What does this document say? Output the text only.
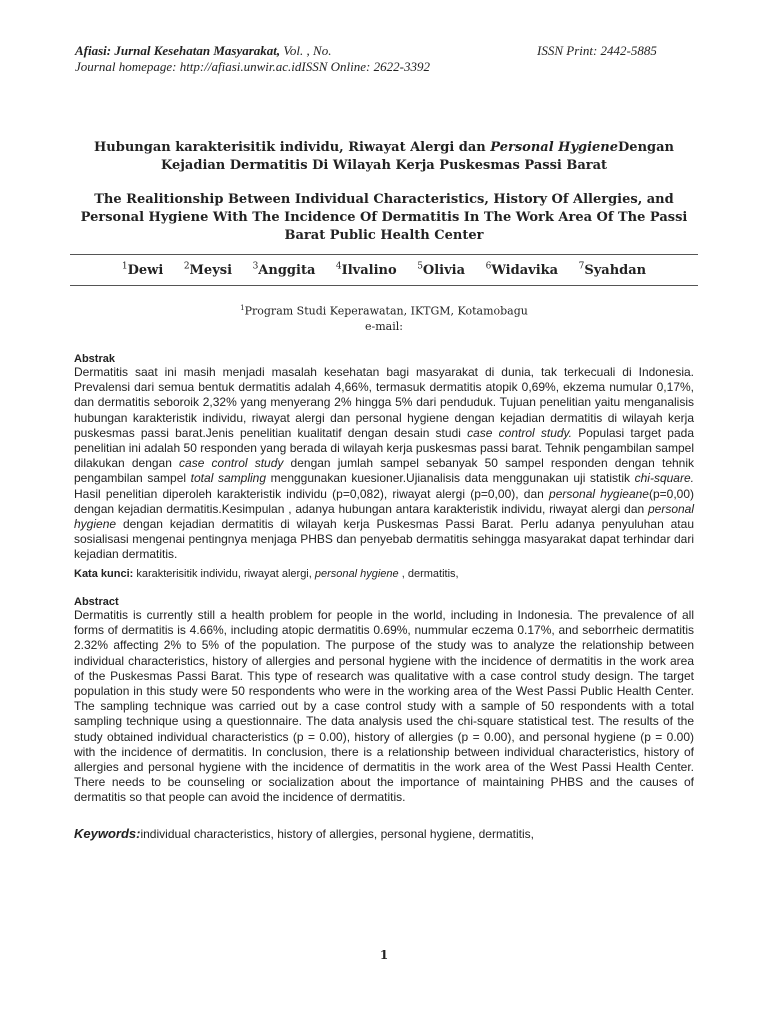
Afiasi: Jurnal Kesehatan Masyarakat, Vol. , No.	ISSN Print: 2442-5885
Journal homepage: http://afiasi.unwir.ac.idISSN Online: 2622-3392
Hubungan karakterisitik individu, Riwayat Alergi dan Personal HygieneDengan Kejadian Dermatitis Di Wilayah Kerja Puskesmas Passi Barat
The Realitionship Between Individual Characteristics, History Of Allergies, and Personal Hygiene With The Incidence Of Dermatitis In The Work Area Of The Passi Barat Public Health Center
$^1$Dewi $^2$Meysi $^3$Anggita $^4$Ilvalino $^5$Olivia $^6$Widavika $^7$Syahdan
$^1$Program Studi Keperawatan, IKTGM, Kotamobagu
e-mail:
Abstrak
Dermatitis saat ini masih menjadi masalah kesehatan bagi masyarakat di dunia, tak terkecuali di Indonesia. Prevalensi dari semua bentuk dermatitis adalah 4,66%, termasuk dermatitis atopik 0,69%, ekzema numular 0,17%, dan dermatitis seboroik 2,32% yang menyerang 2% hingga 5% dari penduduk. Tujuan penelitian yaitu menganalisis hubungan karakteristik individu, riwayat alergi dan personal hygiene dengan kejadian dermatitis di wilayah kerja puskesmas passi barat.Jenis penelitian kualitatif dengan desain studi case control study. Populasi target pada penelitian ini adalah 50 responden yang berada di wilayah kerja puskesmas passi barat. Tehnik pengambilan sampel dilakukan dengan case control study dengan jumlah sampel sebanyak 50 sampel responden dengan tehnik pengambilan sampel total sampling menggunakan kuesioner.Ujianalisis data menggunakan uji statistik chi-square. Hasil penelitian diperoleh karakteristik individu (p=0,082), riwayat alergi (p=0,00), dan personal hygieane(p=0,00) dengan kejadian dermatitis.Kesimpulan , adanya hubungan antara karakteristik individu, riwayat alergi dan personal hygiene dengan kejadian dermatitis di wilayah kerja Puskesmas Passi Barat. Perlu adanya penyuluhan atau sosialisasi mengenai pentingnya menjaga PHBS dan penyebab dermatitis sehingga masyarakat dapat terhindar dari kejadian dermatitis.
Kata kunci: karakterisitik individu, riwayat alergi, personal hygiene , dermatitis,
Abstract
Dermatitis is currently still a health problem for people in the world, including in Indonesia. The prevalence of all forms of dermatitis is 4.66%, including atopic dermatitis 0.69%, nummular eczema 0.17%, and seborrheic dermatitis 2.32% affecting 2% to 5% of the population. The purpose of the study was to analyze the relationship between individual characteristics, history of allergies and personal hygiene with the incidence of dermatitis in the work area of the Puskesmas Passi Barat. This type of research was qualitative with a case control study design. The target population in this study were 50 respondents who were in the working area of the West Passi Public Health Center. The sampling technique was carried out by a case control study with a sample of 50 respondents with a total sampling technique using a questionnaire. The data analysis used the chi-square statistical test. The results of the study obtained individual characteristics (p = 0.00), history of allergies (p = 0.00), and personal hygiene (p = 0.00) with the incidence of dermatitis. In conclusion, there is a relationship between individual characteristics, history of allergies and personal hygiene with the incidence of dermatitis in the work area of the West Passi Health Center. There needs to be counseling or socialization about the importance of maintaining PHBS and the causes of dermatitis so that people can avoid the incidence of dermatitis.
Keywords:individual characteristics, history of allergies, personal hygiene, dermatitis,
1
